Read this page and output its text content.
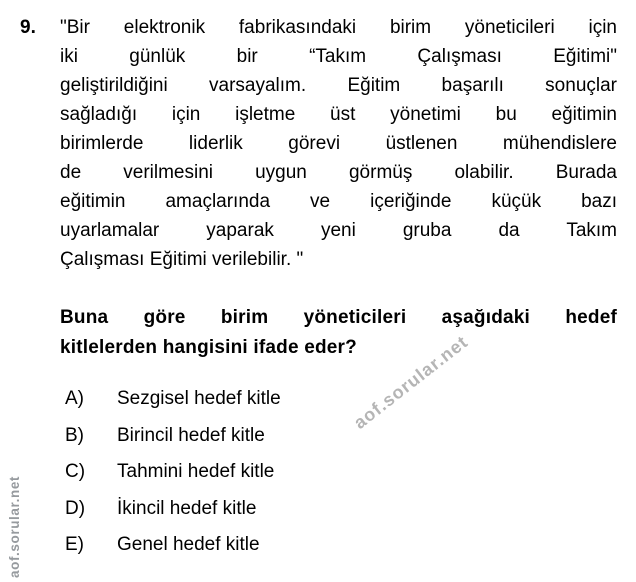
9.	"Bir elektronik fabrikasındaki birim yöneticileri için
iki günlük bir “Takım Çalışması Eğitimi"
geliştirildiğini varsayalım. Eğitim başarılı sonuçlar
sağladığı için işletme üst yönetimi bu eğitimin
birimlerde liderlik görevi üstlenen mühendislere
de verilmesini uygun görmüş olabilir. Burada
eğitimin amaçlarında ve içeriğinde küçük bazı
uyarlamalar yaparak yeni gruba da Takım
Çalışması Eğitimi verilebilir. "
Buna göre birim yöneticileri aşağıdaki hedef
kitlelerden hangisini ifade eder?
A)	Sezgisel hedef kitle
B)	Birincil hedef kitle
C)	Tahmini hedef kitle
D)	İkincil hedef kitle
E)	Genel hedef kitle
aof.sorular.net
aof.sorular.net
